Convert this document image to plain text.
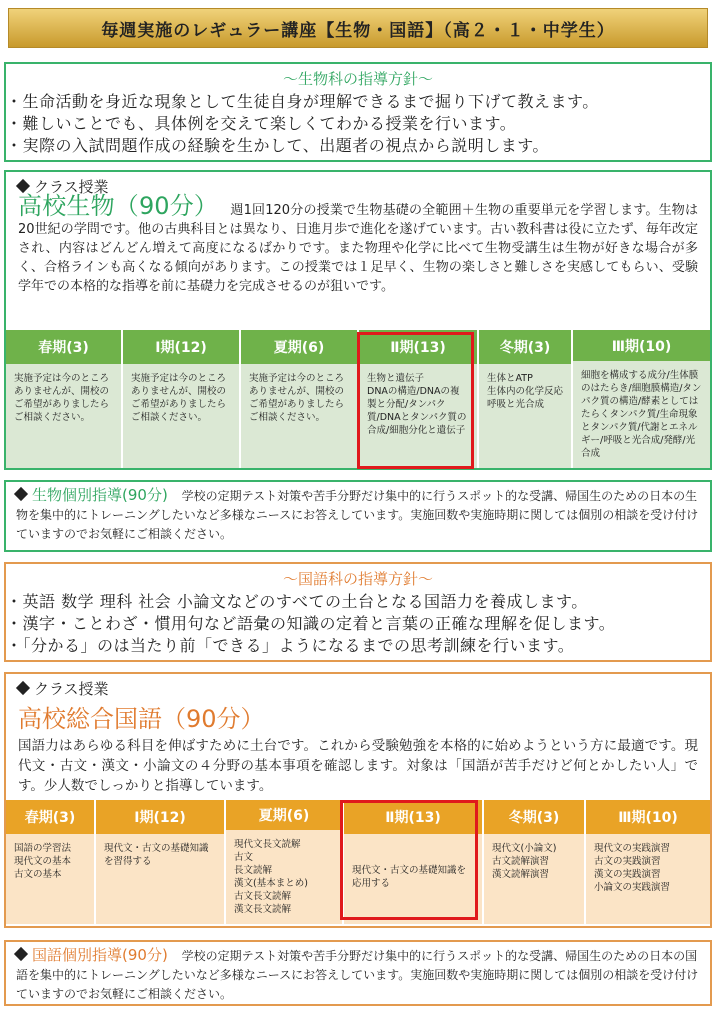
毎週実施のレギュラー講座【生物・国語】（高２・１・中学生）
〜生物科の指導方針〜
・ 生命活動を身近な現象として生徒自身が理解できるまで掘り下げて教えます。
・ 難しいことでも、具体例を交えて楽しくてわかる授業を行います。
・ 実際の入試問題作成の経験を生かして、出題者の視点から説明します。
クラス授業
高校生物（90分） 週1回120分の授業で生物基礎の全範囲＋生物の重要単元を学習します。生物は20世紀の学問です。他の古典科目とは異なり、日進月歩で進化を遂げています。古い教科書は役に立たず、毎年改定され、内容はどんどん増えて高度になるばかりです。また物理や化学に比べて生物受講生は生物が好きな場合が多く、合格ラインも高くなる傾向があります。この授業では１足早く、生物の楽しさと難しさを実感してもらい、受験学年での本格的な指導を前に基礎力を完成させるのが狙いです。
春期(3)
実施予定は今のところありませんが、開校のご希望がありましたらご相談ください。
Ⅰ期(12)
実施予定は今のところありませんが、開校のご希望がありましたらご相談ください。
夏期(6)
実施予定は今のところありませんが、開校のご希望がありましたらご相談ください。
Ⅱ期(13)
生物と遺伝子
DNAの構造/DNAの複製と分配/タンパク質/DNAとタンパク質の合成/細胞分化と遺伝子
冬期(3)
生体とATP
生体内の化学反応
呼吸と光合成
Ⅲ期(10)
細胞を構成する成分/生体膜のはたらき/細胞膜構造/タンパク質の構造/酵素としてはたらくタンパク質/生命現象とタンパク質/代謝とエネルギー/呼吸と光合成/発酵/光合成
生物個別指導(90分) 学校の定期テスト対策や苦手分野だけ集中的に行うスポット的な受講、帰国生のための日本の生物を集中的にトレーニングしたいなど多様なニースにお答えしています。実施回数や実施時期に関しては個別の相談を受け付けていますのでお気軽にご相談ください。
〜国語科の指導方針〜
・ 英語 数学 理科 社会 小論文などのすべての土台となる国語力を養成します。
・ 漢字・ことわざ・慣用句など語彙の知識の定着と言葉の正確な理解を促します。
・ 「分かる」のは当たり前「できる」ようになるまでの思考訓練を行います。
クラス授業
高校総合国語（90分）
国語力はあらゆる科目を伸ばすために土台です。これから受験勉強を本格的に始めようという方に最適です。現代文・古文・漢文・小論文の４分野の基本事項を確認します。対象は「国語が苦手だけど何とかしたい人」です。少人数でしっかりと指導しています。
春期(3)
国語の学習法
現代文の基本
古文の基本
Ⅰ期(12)
現代文・古文の基礎知識を習得する
夏期(6)
現代文長文読解
古文
長文読解
漢文(基本まとめ)
古文長文読解
漢文長文読解
Ⅱ期(13)
現代文・古文の基礎知識を応用する
冬期(3)
現代文(小論文)
古文読解演習
漢文読解演習
Ⅲ期(10)
現代文の実践演習
古文の実践演習
漢文の実践演習
小論文の実践演習
国語個別指導(90分) 学校の定期テスト対策や苦手分野だけ集中的に行うスポット的な受講、帰国生のための日本の国語を集中的にトレーニングしたいなど多様なニースにお答えしています。実施回数や実施時期に関しては個別の相談を受け付けていますのでお気軽にご相談ください。
